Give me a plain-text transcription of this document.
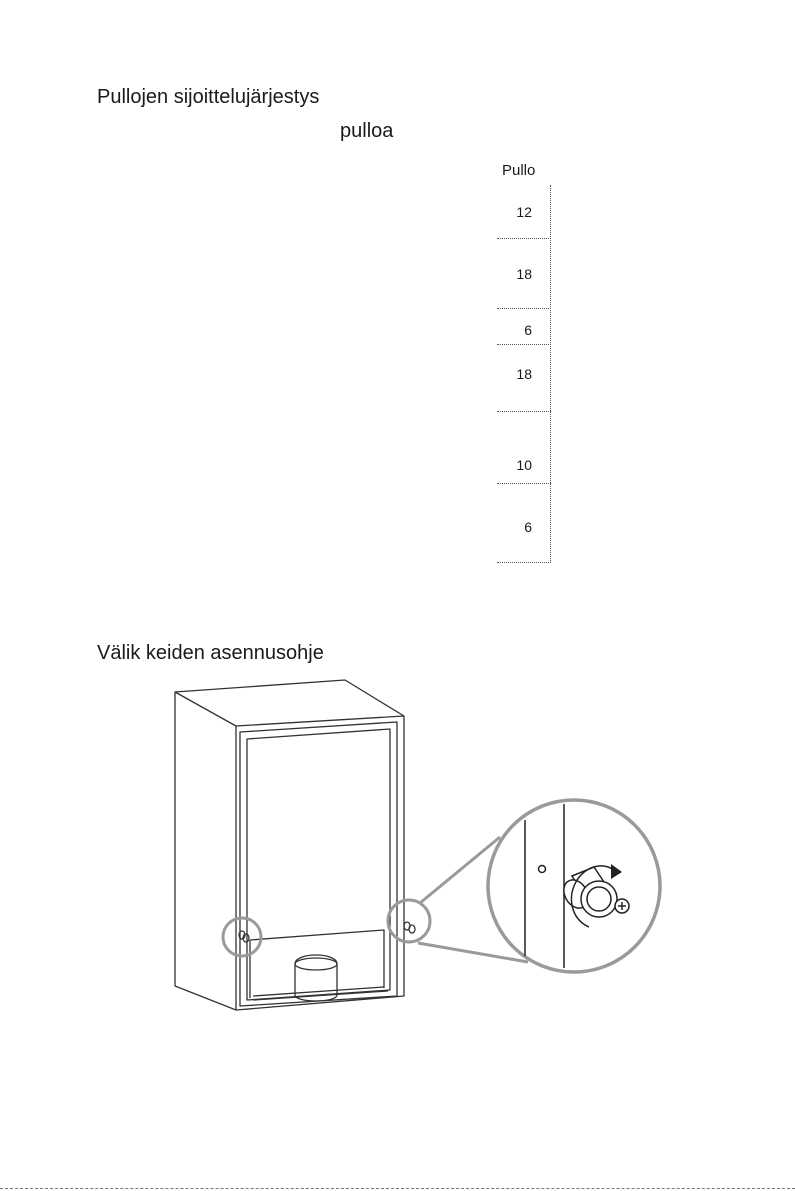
Pullojen sijoittelujärjestys
pulloa
Pullo
12
18
6
18
10
6
Välik keiden asennusohje
